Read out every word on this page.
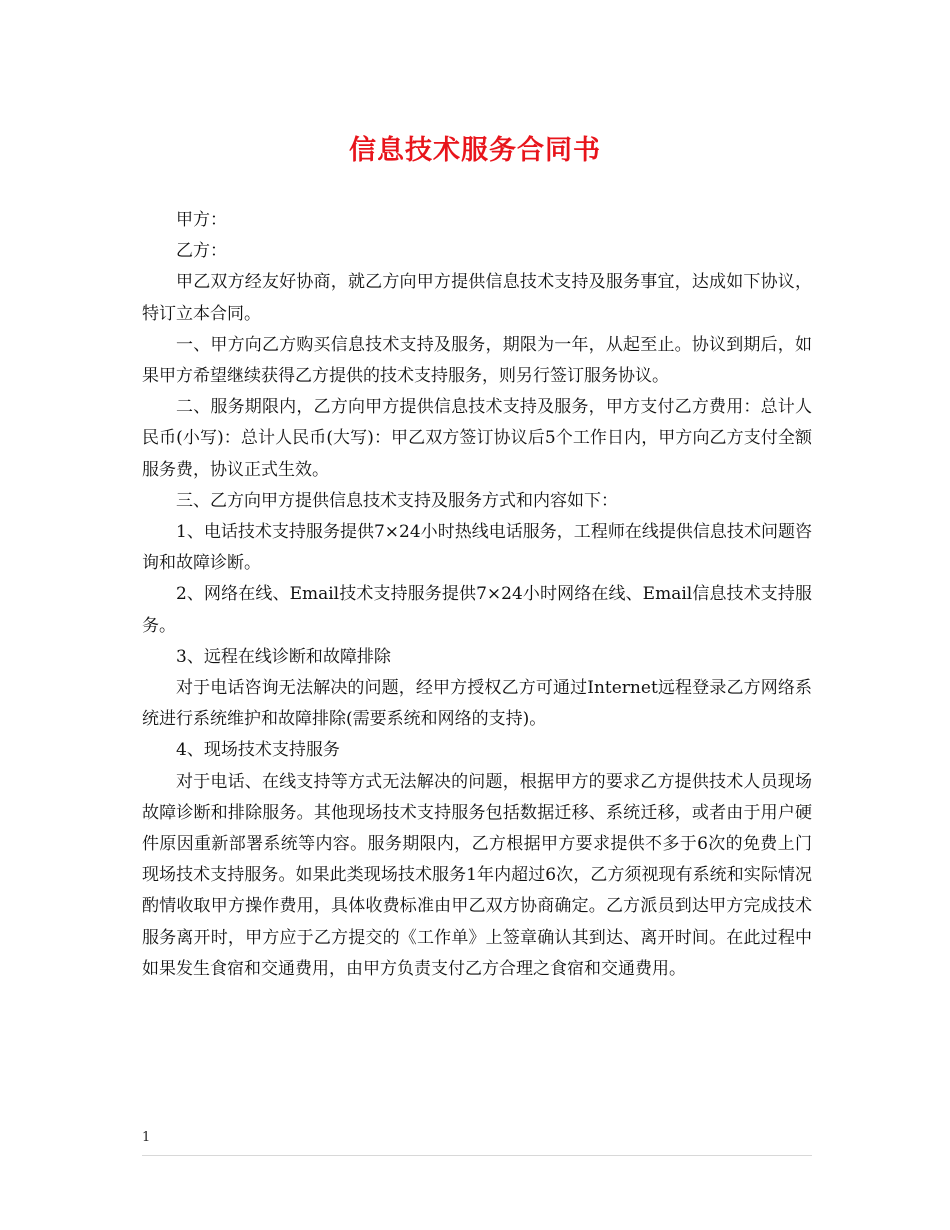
信息技术服务合同书

甲方：

乙方：

甲乙双方经友好协商，就乙方向甲方提供信息技术支持及服务事宜，达成如下协议，特订立本合同。

一、甲方向乙方购买信息技术支持及服务，期限为一年，从起至止。协议到期后，如果甲方希望继续获得乙方提供的技术支持服务，则另行签订服务协议。

二、服务期限内，乙方向甲方提供信息技术支持及服务，甲方支付乙方费用：总计人民币(小写)：总计人民币(大写)：甲乙双方签订协议后5个工作日内，甲方向乙方支付全额服务费，协议正式生效。

三、乙方向甲方提供信息技术支持及服务方式和内容如下：

1、电话技术支持服务提供7×24小时热线电话服务，工程师在线提供信息技术问题咨询和故障诊断。

2、网络在线、Email技术支持服务提供7×24小时网络在线、Email信息技术支持服务。

3、远程在线诊断和故障排除

对于电话咨询无法解决的问题，经甲方授权乙方可通过Internet远程登录乙方网络系统进行系统维护和故障排除(需要系统和网络的支持)。

4、现场技术支持服务

对于电话、在线支持等方式无法解决的问题，根据甲方的要求乙方提供技术人员现场故障诊断和排除服务。其他现场技术支持服务包括数据迁移、系统迁移，或者由于用户硬件原因重新部署系统等内容。服务期限内，乙方根据甲方要求提供不多于6次的免费上门现场技术支持服务。如果此类现场技术服务1年内超过6次，乙方须视现有系统和实际情况酌情收取甲方操作费用，具体收费标准由甲乙双方协商确定。乙方派员到达甲方完成技术服务离开时，甲方应于乙方提交的《工作单》上签章确认其到达、离开时间。在此过程中如果发生食宿和交通费用，由甲方负责支付乙方合理之食宿和交通费用。

1
